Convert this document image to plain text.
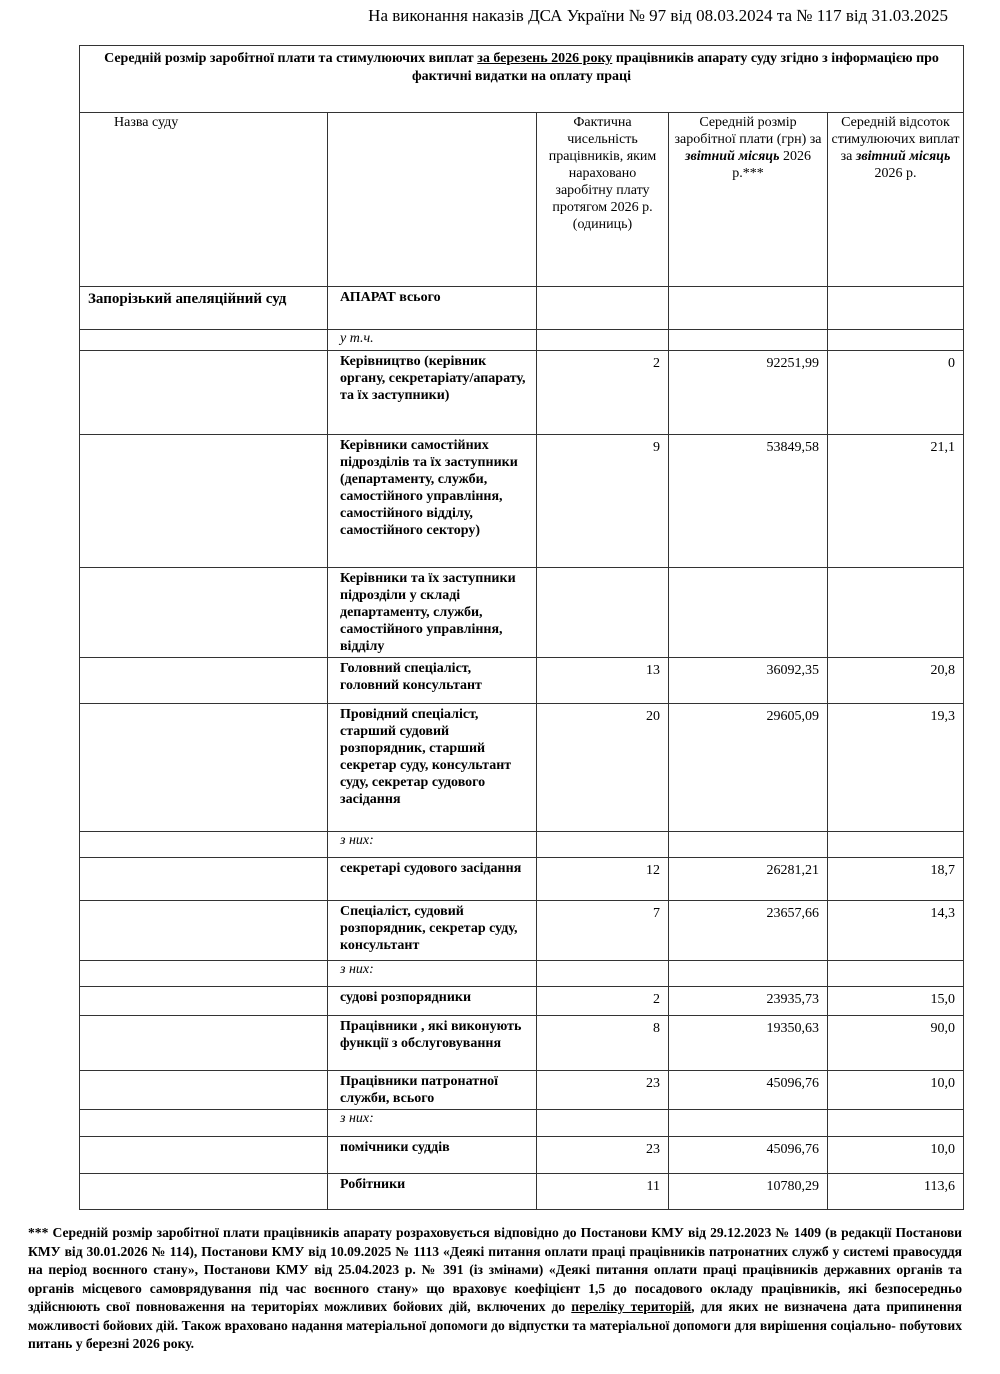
На виконання наказів ДСА України № 97 від 08.03.2024 та № 117 від 31.03.2025
Середній розмір заробітної плати та стимулюючих виплат за березень 2026 року працівників апарату суду згідно з інформацією про фактичні видатки на оплату праці				
Назва суду		Фактична чисельність працівників, яким нараховано заробітну плату протягом 2026 р.(одиниць)	Середній розмір заробітної плати (грн) за звітний місяць 2026 р.***	Середній відсоток стимулюючих виплат за звітний місяць 2026 р.
Запорізький апеляційний суд	АПАРАТ всього			
	у т.ч.			
	Керівництво (керівник органу, секретаріату/апарату, та їх заступники)	2	92251,99	0
	Керівники самостійних підрозділів та їх заступники (департаменту, служби, самостійного управління, самостійного відділу, самостійного сектору)	9	53849,58	21,1
	Керівники та їх заступники підрозділи у складі департаменту, служби, самостійного управління, відділу			
	Головний спеціаліст, головний консультант	13	36092,35	20,8
	Провідний спеціаліст, старший судовий розпорядник, старший секретар суду, консультант суду, секретар судового засідання	20	29605,09	19,3
	з них:			
	секретарі судового засідання	12	26281,21	18,7
	Спеціаліст, судовий розпорядник, секретар суду, консультант	7	23657,66	14,3
	з них:			
	судові розпорядники	2	23935,73	15,0
	Працівники , які виконують функції з обслуговування	8	19350,63	90,0
	Працівники патронатної служби, всього	23	45096,76	10,0
	з них:			
	помічники суддів	23	45096,76	10,0
	Робітники	11	10780,29	113,6
*** Середній розмір заробітної плати працівників апарату розраховується відповідно до Постанови КМУ від 29.12.2023 № 1409 (в редакції Постанови КМУ від 30.01.2026 № 114), Постанови КМУ від 10.09.2025 № 1113 «Деякі питання оплати праці працівників патронатних служб у системі правосуддя на період воєнного стану», Постанови КМУ від 25.04.2023 р. № 391 (із змінами) «Деякі питання оплати праці працівників державних органів та органів місцевого самоврядування під час воєнного стану» що враховує коефіцієнт 1,5 до посадового окладу працівників, які безпосередньо здійснюють свої повноваження на територіях можливих бойових дій, включених до переліку територій, для яких не визначена дата припинення можливості бойових дій. Також враховано надання матеріальної допомоги до відпустки та матеріальної допомоги для вирішення соціально- побутових питань у березні 2026 року.
